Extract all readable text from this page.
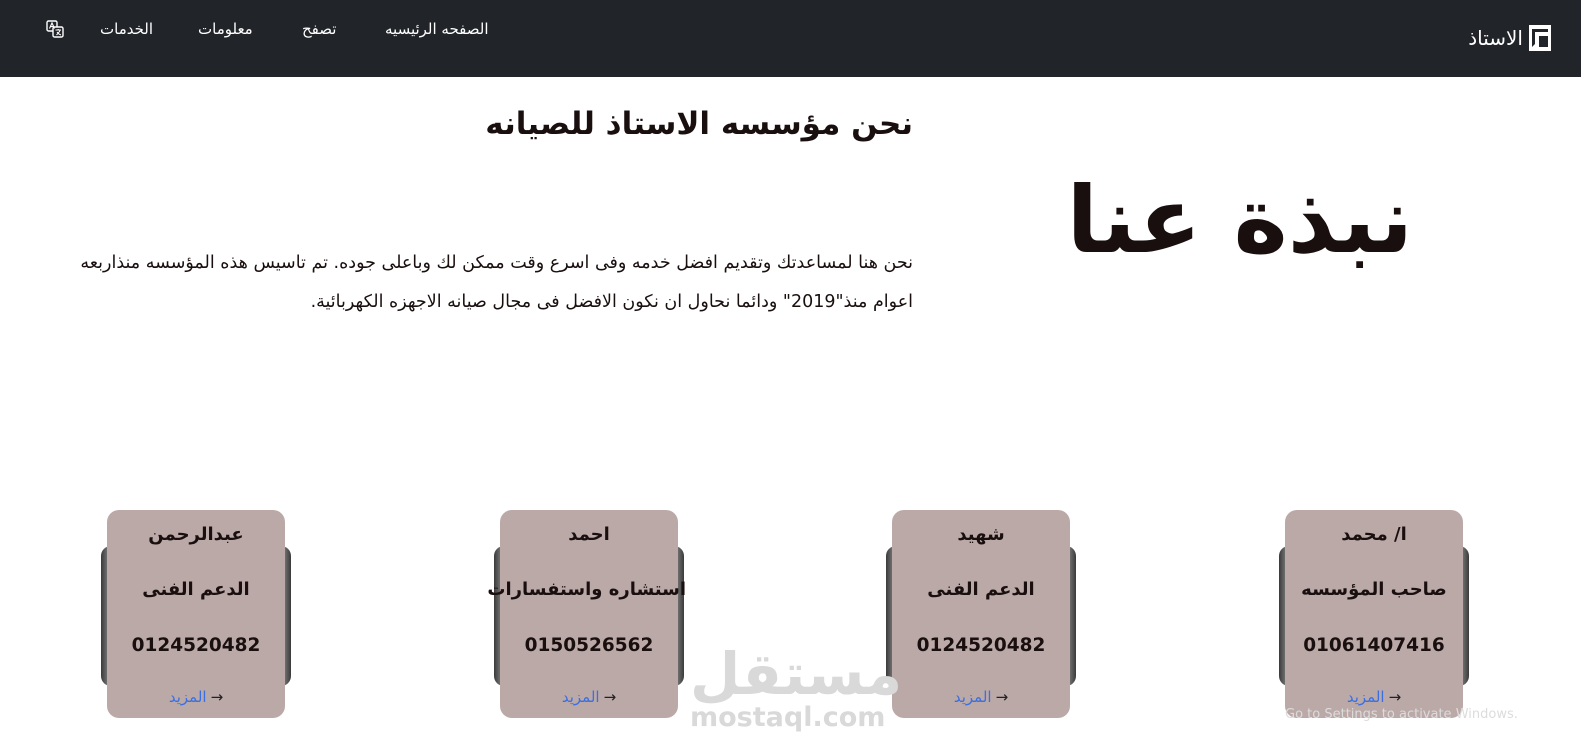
الاستاذ
الصفحه الرئيسيه
تصفح
معلومات
الخدمات
نحن مؤسسه الاستاذ للصيانه
نبذة عنا

نحن هنا لمساعدتك وتقديم افضل خدمه وفى اسرع وقت ممكن لك وباعلى جوده. تم تاسيس هذه المؤسسه منذاربعه اعوام منذ"2019" ودائما نحاول ان نكون الافضل فى مجال صيانه الاجهزه الكهربائية.

ا/ محمد
صاحب المؤسسه
01061407416
المزيد →
شهيد
الدعم الفنى
0124520482
المزيد →
احمد
استشاره واستفسارات
0150526562
المزيد →
عبدالرحمن
الدعم الفنى
0124520482
المزيد →	مستقل
mostaql.com	Go to Settings to activate Windows.
